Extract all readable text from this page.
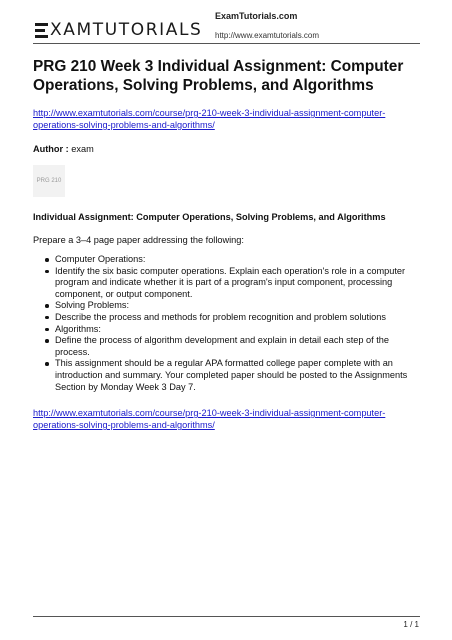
XAMTUTORIALS
ExamTutorials.com
http://www.examtutorials.com
PRG 210 Week 3 Individual Assignment: Computer Operations, Solving Problems, and Algorithms
http://www.examtutorials.com/course/prg-210-week-3-individual-assignment-computer-
operations-solving-problems-and-algorithms/
Author : exam
PRG 210
Individual Assignment: Computer Operations, Solving Problems, and Algorithms
Prepare a 3–4 page paper addressing the following:
Computer Operations:
Identify the six basic computer operations. Explain each operation's role in a computer program and indicate whether it is part of a program's input component, processing component, or output component.
Solving Problems:
Describe the process and methods for problem recognition and problem solutions
Algorithms:
Define the process of algorithm development and explain in detail each step of the process.
This assignment should be a regular APA formatted college paper complete with an introduction and summary. Your completed paper should be posted to the Assignments Section by Monday Week 3 Day 7.
http://www.examtutorials.com/course/prg-210-week-3-individual-assignment-computer-
operations-solving-problems-and-algorithms/
1 / 1
